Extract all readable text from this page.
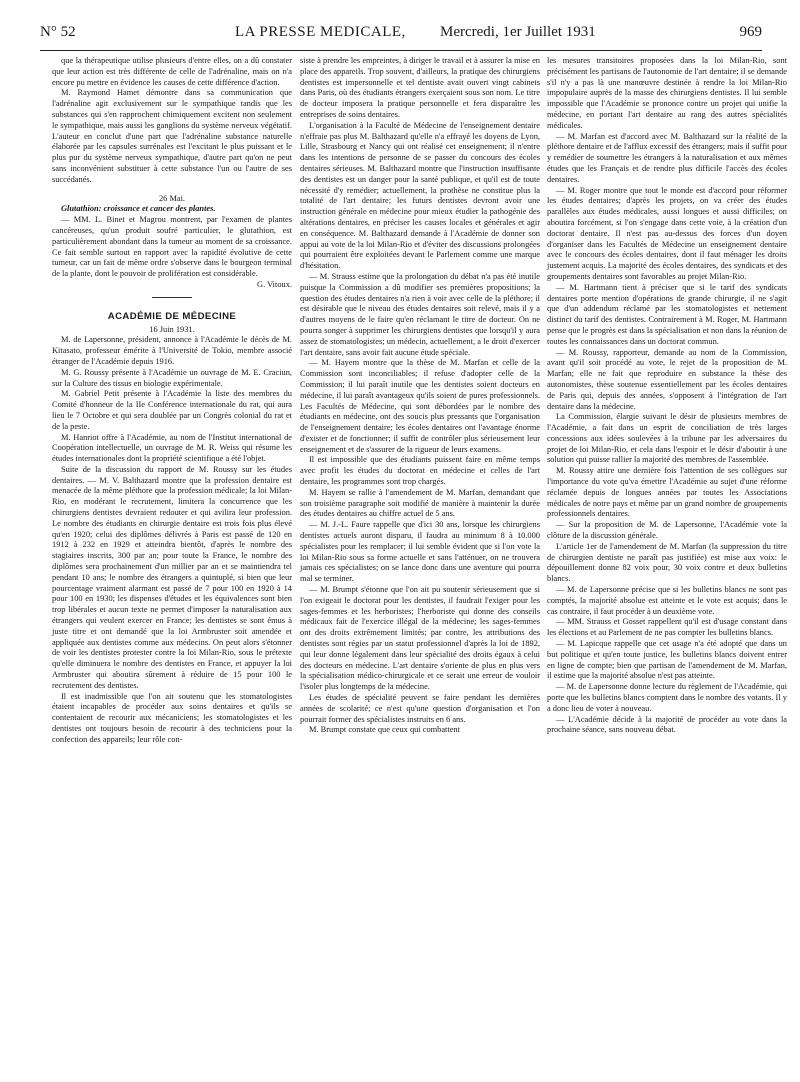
N° 52	LA PRESSE MEDICALE, Mercredi, 1er Juillet 1931	969

que la thérapeutique utilise plusieurs d'entre elles, on a dû constater que leur action est très différente de celle de l'adrénaline, mais on n'a encore pu mettre en évidence les causes de cette différence d'action.

M. Raymond Hamet démontre dans sa communication que l'adrénaline agit exclusivement sur le sympathique tandis que les substances qui s'en rapprochent chimiquement excitent non seulement le sympathique, mais aussi les ganglions du système nerveux végétatif. L'auteur en conclut d'une part que l'adrénaline substance naturelle élaborée par les capsules surrénales est l'excitant le plus puissant et le plus pur du système nerveux sympathique, d'autre part qu'on ne peut sans inconvénient substituer à cette substance l'un ou l'autre de ses succédanés.

26 Mai.

Glutathion: croissance et cancer des plantes.

— MM. L. Binet et Magrou montrent, par l'examen de plantes cancéreuses, qu'un produit soufré particulier, le glutathion, est particulièrement abondant dans la tumeur au moment de sa croissance. Ce fait semble surtout en rapport avec la rapidité évolutive de cette tumeur, car un fait de même ordre s'observe dans le bourgeon terminal de la plante, dont le pouvoir de prolifération est considérable.

G. Vitoux.

ACADÉMIE DE MÉDECINE

16 Juin 1931.

M. de Lapersonne, président, annonce à l'Académie le décès de M. Kitasato, professeur émérite à l'Université de Tokio, membre associé étranger de l'Académie depuis 1916.

M. G. Roussy présente à l'Académie un ouvrage de M. E. Craciun, sur la Culture des tissus en biologie expérimentale.

M. Gabriel Petit présente à l'Académie la liste des membres du Comité d'honneur de la IIe Conférence internationale du rat, qui aura lieu le 7 Octobre et qui sera doublée par un Congrès colonial du rat et de la peste.

M. Hanriot offre à l'Académie, au nom de l'Institut international de Coopération intellectuelle, un ouvrage de M. R. Weiss qui résume les études internationales dont la propriété scientifique a été l'objet.

Suite de la discussion du rapport de M. Roussy sur les études dentaires. — M. V. Balthazard montre que la profession dentaire est menacée de la même pléthore que la profession médicale; la loi Milan-Rio, en modérant le recrutement, limitera la concurrence que les chirurgiens dentistes devraient redouter et qui avilira leur profession. Le nombre des étudiants en chirurgie dentaire est trois fois plus élevé qu'en 1920; celui des diplômes délivrés à Paris est passé de 120 en 1912 à 232 en 1929 et atteindra bientôt, d'après le nombre des stagiaires inscrits, 300 par an; pour toute la France, le nombre des diplômes sera prochainement d'un millier par an et se maintiendra tel pendant 10 ans; le nombre des étrangers a quintuplé, si bien que leur pourcentage vraiment alarmant est passé de 7 pour 100 en 1920 à 14 pour 100 en 1930; les dispenses d'études et les équivalences sont bien trop libérales et aucun texte ne permet d'imposer la naturalisation aux étrangers qui veulent exercer en France; les dentistes se sont émus à juste titre et ont demandé que la loi Armbruster soit amendée et appliquée aux dentistes comme aux médecins. On peut alors s'étonner de voir les dentistes protester contre la loi Milan-Rio, sous le prétexte qu'elle diminuera le nombre des dentistes en France, et appuyer la loi Armbruster qui aboutira sûrement à réduire de 15 pour 100 le recrutement des dentistes.

Il est inadmissible que l'on ait soutenu que les stomatologistes étaient incapables de procéder aux soins dentaires et qu'ils se contentaient de recourir aux mécaniciens; les stomatologistes et les dentistes ont toujours besoin de recourir à des techniciens pour la confection des appareils; leur rôle con-

siste à prendre les empreintes, à diriger le travail et à assurer la mise en place des appareils. Trop souvent, d'ailleurs, la pratique des chirurgiens dentistes est impersonnelle et tel dentiste avait ouvert vingt cabinets dans Paris, où des étudiants étrangers exerçaient sous son nom. Le titre de docteur imposera la pratique personnelle et fera disparaître les entreprises de soins dentaires.

L'organisation à la Faculté de Médecine de l'enseignement dentaire n'effraie pas plus M. Balthazard qu'elle n'a effrayé les doyens de Lyon, Lille, Strasbourg et Nancy qui ont réalisé cet enseignement; il n'entre dans les intentions de personne de se passer du concours des écoles dentaires sérieuses. M. Balthazard montre que l'instruction insuffisante des dentistes est un danger pour la santé publique, et qu'il est de toute nécessité d'y remédier; actuellement, la prothèse ne constitue plus la totalité de l'art dentaire; les futurs dentistes devront avoir une instruction générale en médecine pour mieux étudier la pathogénie des altérations dentaires, en préciser les causes locales et générales et agir en conséquence. M. Balthazard demande à l'Académie de donner son appui au vote de la loi Milan-Rio et d'éviter des discussions prolongées qui pourraient être exploitées devant le Parlement comme une marque d'hésitation.

— M. Strauss estime que la prolongation du débat n'a pas été inutile puisque la Commission a dû modifier ses premières propositions; la question des études dentaires n'a rien à voir avec celle de la pléthore; il est désirable que le niveau des études dentaires soit relevé, mais il y a d'autres moyens de le faire qu'en réclamant le titre de docteur. On ne pourra songer à supprimer les chirurgiens dentistes que lorsqu'il y aura assez de stomatologistes; un médecin, actuellement, a le droit d'exercer l'art dentaire, sans avoir fait aucune étude spéciale.

— M. Hayem montre que la thèse de M. Marfan et celle de la Commission sont inconciliables; il refuse d'adopter celle de la Commission; il lui paraît inutile que les dentistes soient docteurs en médecine, il lui paraît avantageux qu'ils soient de pures professionnels. Les Facultés de Médecine, qui sont débordées par le nombre des étudiants en médecine, ont des soucis plus pressants que l'organisation de l'enseignement dentaire; les écoles dentaires ont l'avantage énorme d'exister et de fonctionner; il suffit de contrôler plus sérieusement leur enseignement et de s'assurer de la rigueur de leurs examens.

Il est impossible que des étudiants puissent faire en même temps avec profit les études du doctorat en médecine et celles de l'art dentaire, les programmes sont trop chargés.

M. Hayem se rallie à l'amendement de M. Marfan, demandant que son troisième paragraphe soit modifié de manière à maintenir la durée des études dentaires au chiffre actuel de 5 ans.

— M. J.-L. Faure rappelle que d'ici 30 ans, lorsque les chirurgiens dentistes actuels auront disparu, il faudra au minimum 8 à 10.000 spécialistes pour les remplacer; il lui semble évident que si l'on vote la loi Milan-Rio sous sa forme actuelle et sans l'atténuer, on ne trouvera jamais ces spécialistes; on se lance donc dans une aventure qui pourra mal se terminer.

— M. Brumpt s'étonne que l'on ait pu soutenir sérieusement que si l'on exigeait le doctorat pour les dentistes, il faudrait l'exiger pour les sages-femmes et les herboristes; l'herboriste qui donne des conseils médicaux fait de l'exercice illégal de la médecine; les sages-femmes ont des droits extrêmement limités; par contre, les attributions des dentistes sont régies par un statut professionnel d'après la loi de 1892, qui leur donne légalement dans leur spécialité des droits égaux à celui des docteurs en médecine. L'art dentaire s'oriente de plus en plus vers la spécialisation médico-chirurgicale et ce serait une erreur de vouloir l'isoler plus longtemps de la médecine.

Les études de spécialité peuvent se faire pendant les dernières années de scolarité; ce n'est qu'une question d'organisation et l'on pourrait former des spécialistes instruits en 6 ans.

M. Brumpt constate que ceux qui combattent

les mesures transitoires proposées dans la loi Milan-Rio, sont précisément les partisans de l'autonomie de l'art dentaire; il se demande s'il n'y a pas là une manœuvre destinée à rendre la loi Milan-Rio impopulaire auprès de la masse des chirurgiens dentistes. Il lui semble impossible que l'Académie se prononce contre un projet qui unifie la médecine, en portant l'art dentaire au rang des autres spécialités médicales.

— M. Marfan est d'accord avec M. Balthazard sur la réalité de la pléthore dentaire et de l'afflux excessif des étrangers; mais il suffit pour y remédier de soumettre les étrangers à la naturalisation et aux mêmes études que les Français et de rendre plus difficile l'accès des écoles dentaires.

— M. Roger montre que tout le monde est d'accord pour réformer les études dentaires; d'après les projets, on va créer des études parallèles aux études médicales, aussi longues et aussi difficiles; on aboutira forcément, si l'on s'engage dans cette voie, à la création d'un doctorat dentaire. Il n'est pas au-dessus des forces d'un doyen d'organiser dans les Facultés de Médecine un enseignement dentaire avec le concours des écoles dentaires, dont il faut ménager les droits justement acquis. La majorité des écoles dentaires, des syndicats et des groupements dentaires sont favorables au projet Milan-Rio.

— M. Hartmann tient à préciser que si le tarif des syndicats dentaires porte mention d'opérations de grande chirurgie, il ne s'agit que d'un addendum réclamé par les stomatologistes et nettement distinct du tarif des dentistes. Contrairement à M. Roger, M. Hartmann pense que le progrès est dans la spécialisation et non dans la réunion de toutes les connaissances dans un doctorat commun.

— M. Roussy, rapporteur, demande au nom de la Commission, avant qu'il soit procédé au vote, le rejet de la proposition de M. Marfan; elle ne fait que reproduire en substance la thèse des autonomistes, thèse soutenue essentiellement par les écoles dentaires de Paris qui, depuis des années, s'opposent à l'intégration de l'art dentaire dans la médecine.

La Commission, élargie suivant le désir de plusieurs membres de l'Académie, a fait dans un esprit de conciliation de très larges concessions aux idées soulevées à la tribune par les adversaires du projet de loi Milan-Rio, et cela dans l'espoir et le désir d'aboutir à une solution qui puisse rallier la majorité des membres de l'assemblée.

M. Roussy attire une dernière fois l'attention de ses collègues sur l'importance du vote qu'va émettre l'Académie au sujet d'une réforme réclamée depuis de longues années par toutes les Associations médicales de notre pays et même par un grand nombre de groupements professionnels dentaires.

— Sur la proposition de M. de Lapersonne, l'Académie vote la clôture de la discussion générale.

L'article 1er de l'amendement de M. Marfan (la suppression du titre de chirurgien dentiste ne paraît pas justifiée) est mise aux voix: le dépouillement donne 82 voix pour, 30 voix contre et deux bulletins blancs.

— M. de Lapersonne précise que si les bulletins blancs ne sont pas comptés, la majorité absolue est atteinte et le vote est acquis; dans le cas contraire, il faut procéder à un deuxième vote.

— MM. Strauss et Gosset rappellent qu'il est d'usage constant dans les élections et au Parlement de ne pas compter les bulletins blancs.

— M. Lapicque rappelle que cet usage n'a été adopté que dans un but politique et qu'en toute justice, les bulletins blancs doivent entrer en ligne de compte; bien que partisan de l'amendement de M. Marfan, il estime que la majorité absolue n'est pas atteinte.

— M. de Lapersonne donne lecture du règlement de l'Académie, qui porte que les bulletins blancs comptent dans le nombre des votants. Il y a donc lieu de voter à nouveau.

— L'Académie décide à la majorité de procéder au vote dans la prochaine séance, sans nouveau débat.
